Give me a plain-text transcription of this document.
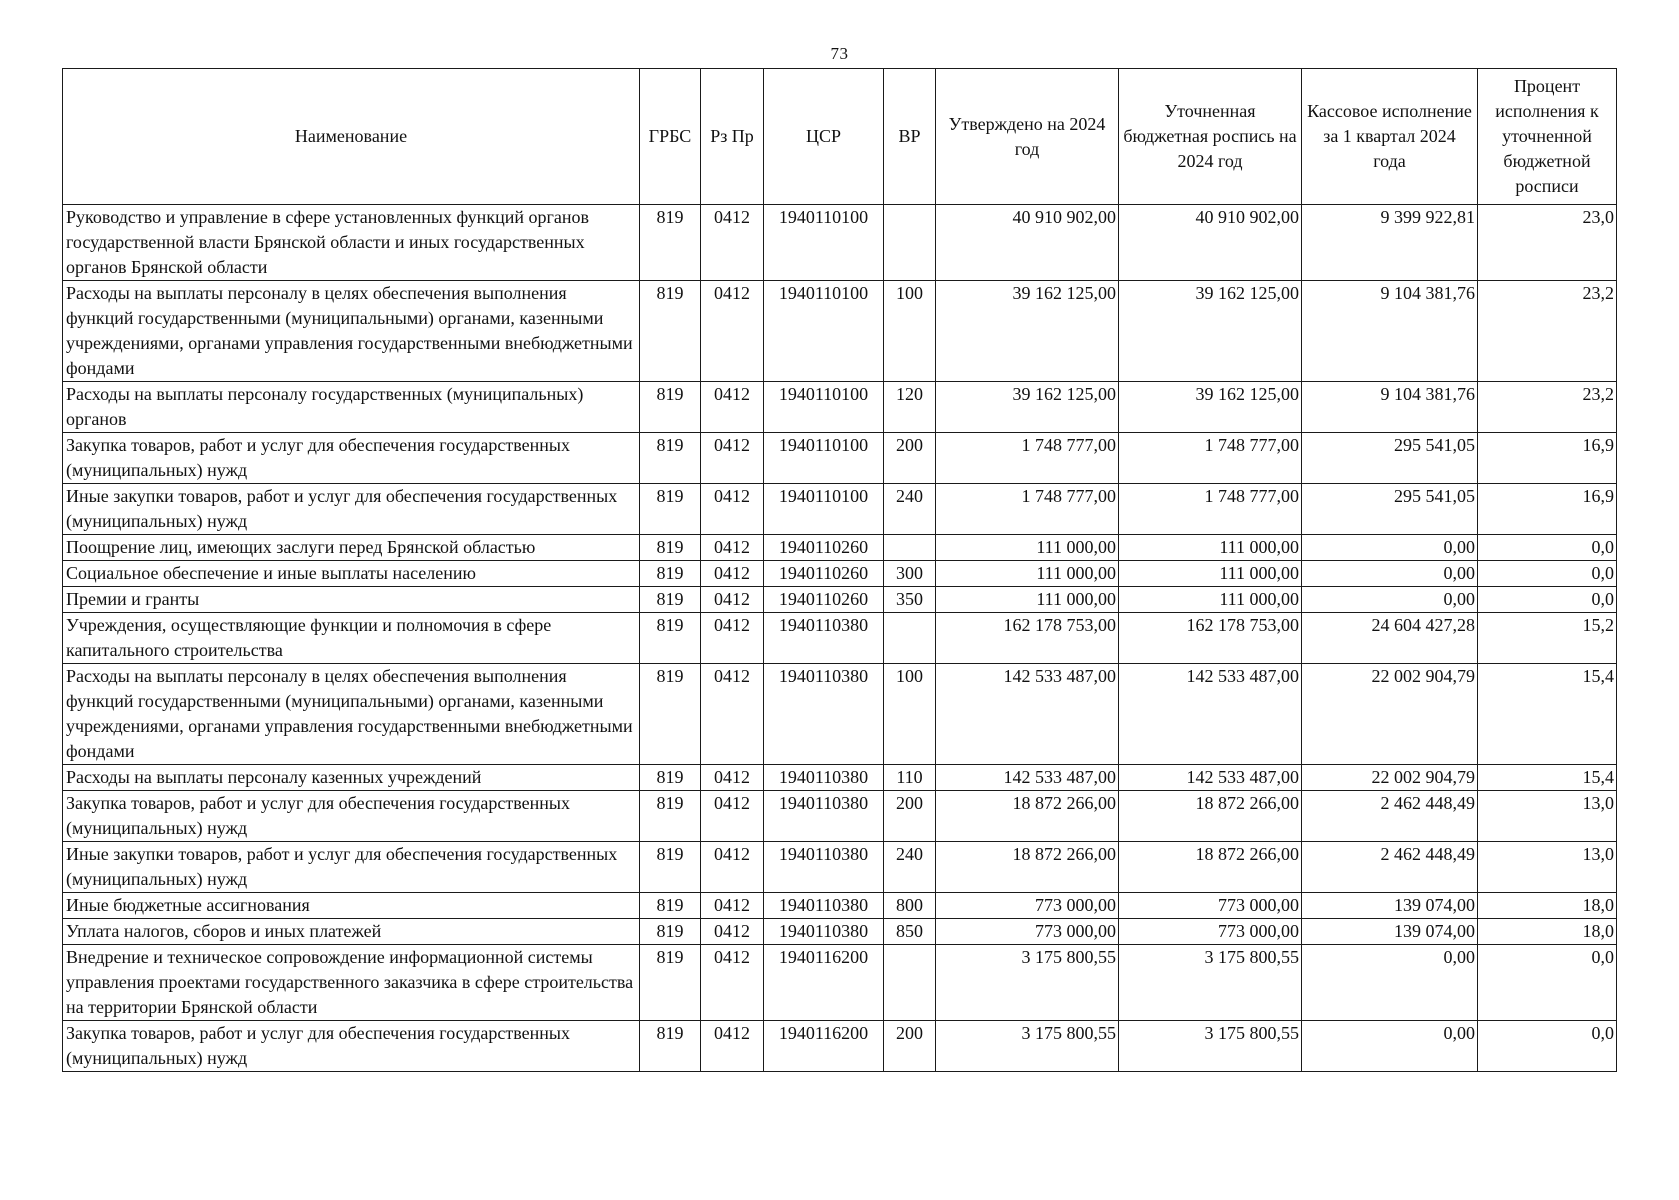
73
Наименование	ГРБС	Рз Пр	ЦСР	ВР	Утверждено на 2024 год	Уточненная бюджетная роспись на 2024 год	Кассовое исполнение за 1 квартал 2024 года	Процент исполнения к уточненной бюджетной росписи
Руководство и управление в сфере установленных функций органов государственной власти Брянской области и иных государственных органов Брянской области	819	0412	1940110100		40 910 902,00	40 910 902,00	9 399 922,81	23,0
Расходы на выплаты персоналу в целях обеспечения выполнения функций государственными (муниципальными) органами, казенными учреждениями, органами управления государственными внебюджетными фондами	819	0412	1940110100	100	39 162 125,00	39 162 125,00	9 104 381,76	23,2
Расходы на выплаты персоналу государственных (муниципальных) органов	819	0412	1940110100	120	39 162 125,00	39 162 125,00	9 104 381,76	23,2
Закупка товаров, работ и услуг для обеспечения государственных (муниципальных) нужд	819	0412	1940110100	200	1 748 777,00	1 748 777,00	295 541,05	16,9
Иные закупки товаров, работ и услуг для обеспечения государственных (муниципальных) нужд	819	0412	1940110100	240	1 748 777,00	1 748 777,00	295 541,05	16,9
Поощрение лиц, имеющих заслуги перед Брянской областью	819	0412	1940110260		111 000,00	111 000,00	0,00	0,0
Социальное обеспечение и иные выплаты населению	819	0412	1940110260	300	111 000,00	111 000,00	0,00	0,0
Премии и гранты	819	0412	1940110260	350	111 000,00	111 000,00	0,00	0,0
Учреждения, осуществляющие функции и полномочия в сфере капитального строительства	819	0412	1940110380		162 178 753,00	162 178 753,00	24 604 427,28	15,2
Расходы на выплаты персоналу в целях обеспечения выполнения функций государственными (муниципальными) органами, казенными учреждениями, органами управления государственными внебюджетными фондами	819	0412	1940110380	100	142 533 487,00	142 533 487,00	22 002 904,79	15,4
Расходы на выплаты персоналу казенных учреждений	819	0412	1940110380	110	142 533 487,00	142 533 487,00	22 002 904,79	15,4
Закупка товаров, работ и услуг для обеспечения государственных (муниципальных) нужд	819	0412	1940110380	200	18 872 266,00	18 872 266,00	2 462 448,49	13,0
Иные закупки товаров, работ и услуг для обеспечения государственных (муниципальных) нужд	819	0412	1940110380	240	18 872 266,00	18 872 266,00	2 462 448,49	13,0
Иные бюджетные ассигнования	819	0412	1940110380	800	773 000,00	773 000,00	139 074,00	18,0
Уплата налогов, сборов и иных платежей	819	0412	1940110380	850	773 000,00	773 000,00	139 074,00	18,0
Внедрение и техническое сопровождение информационной системы управления проектами государственного заказчика в сфере строительства на территории Брянской области	819	0412	1940116200		3 175 800,55	3 175 800,55	0,00	0,0
Закупка товаров, работ и услуг для обеспечения государственных (муниципальных) нужд	819	0412	1940116200	200	3 175 800,55	3 175 800,55	0,00	0,0
